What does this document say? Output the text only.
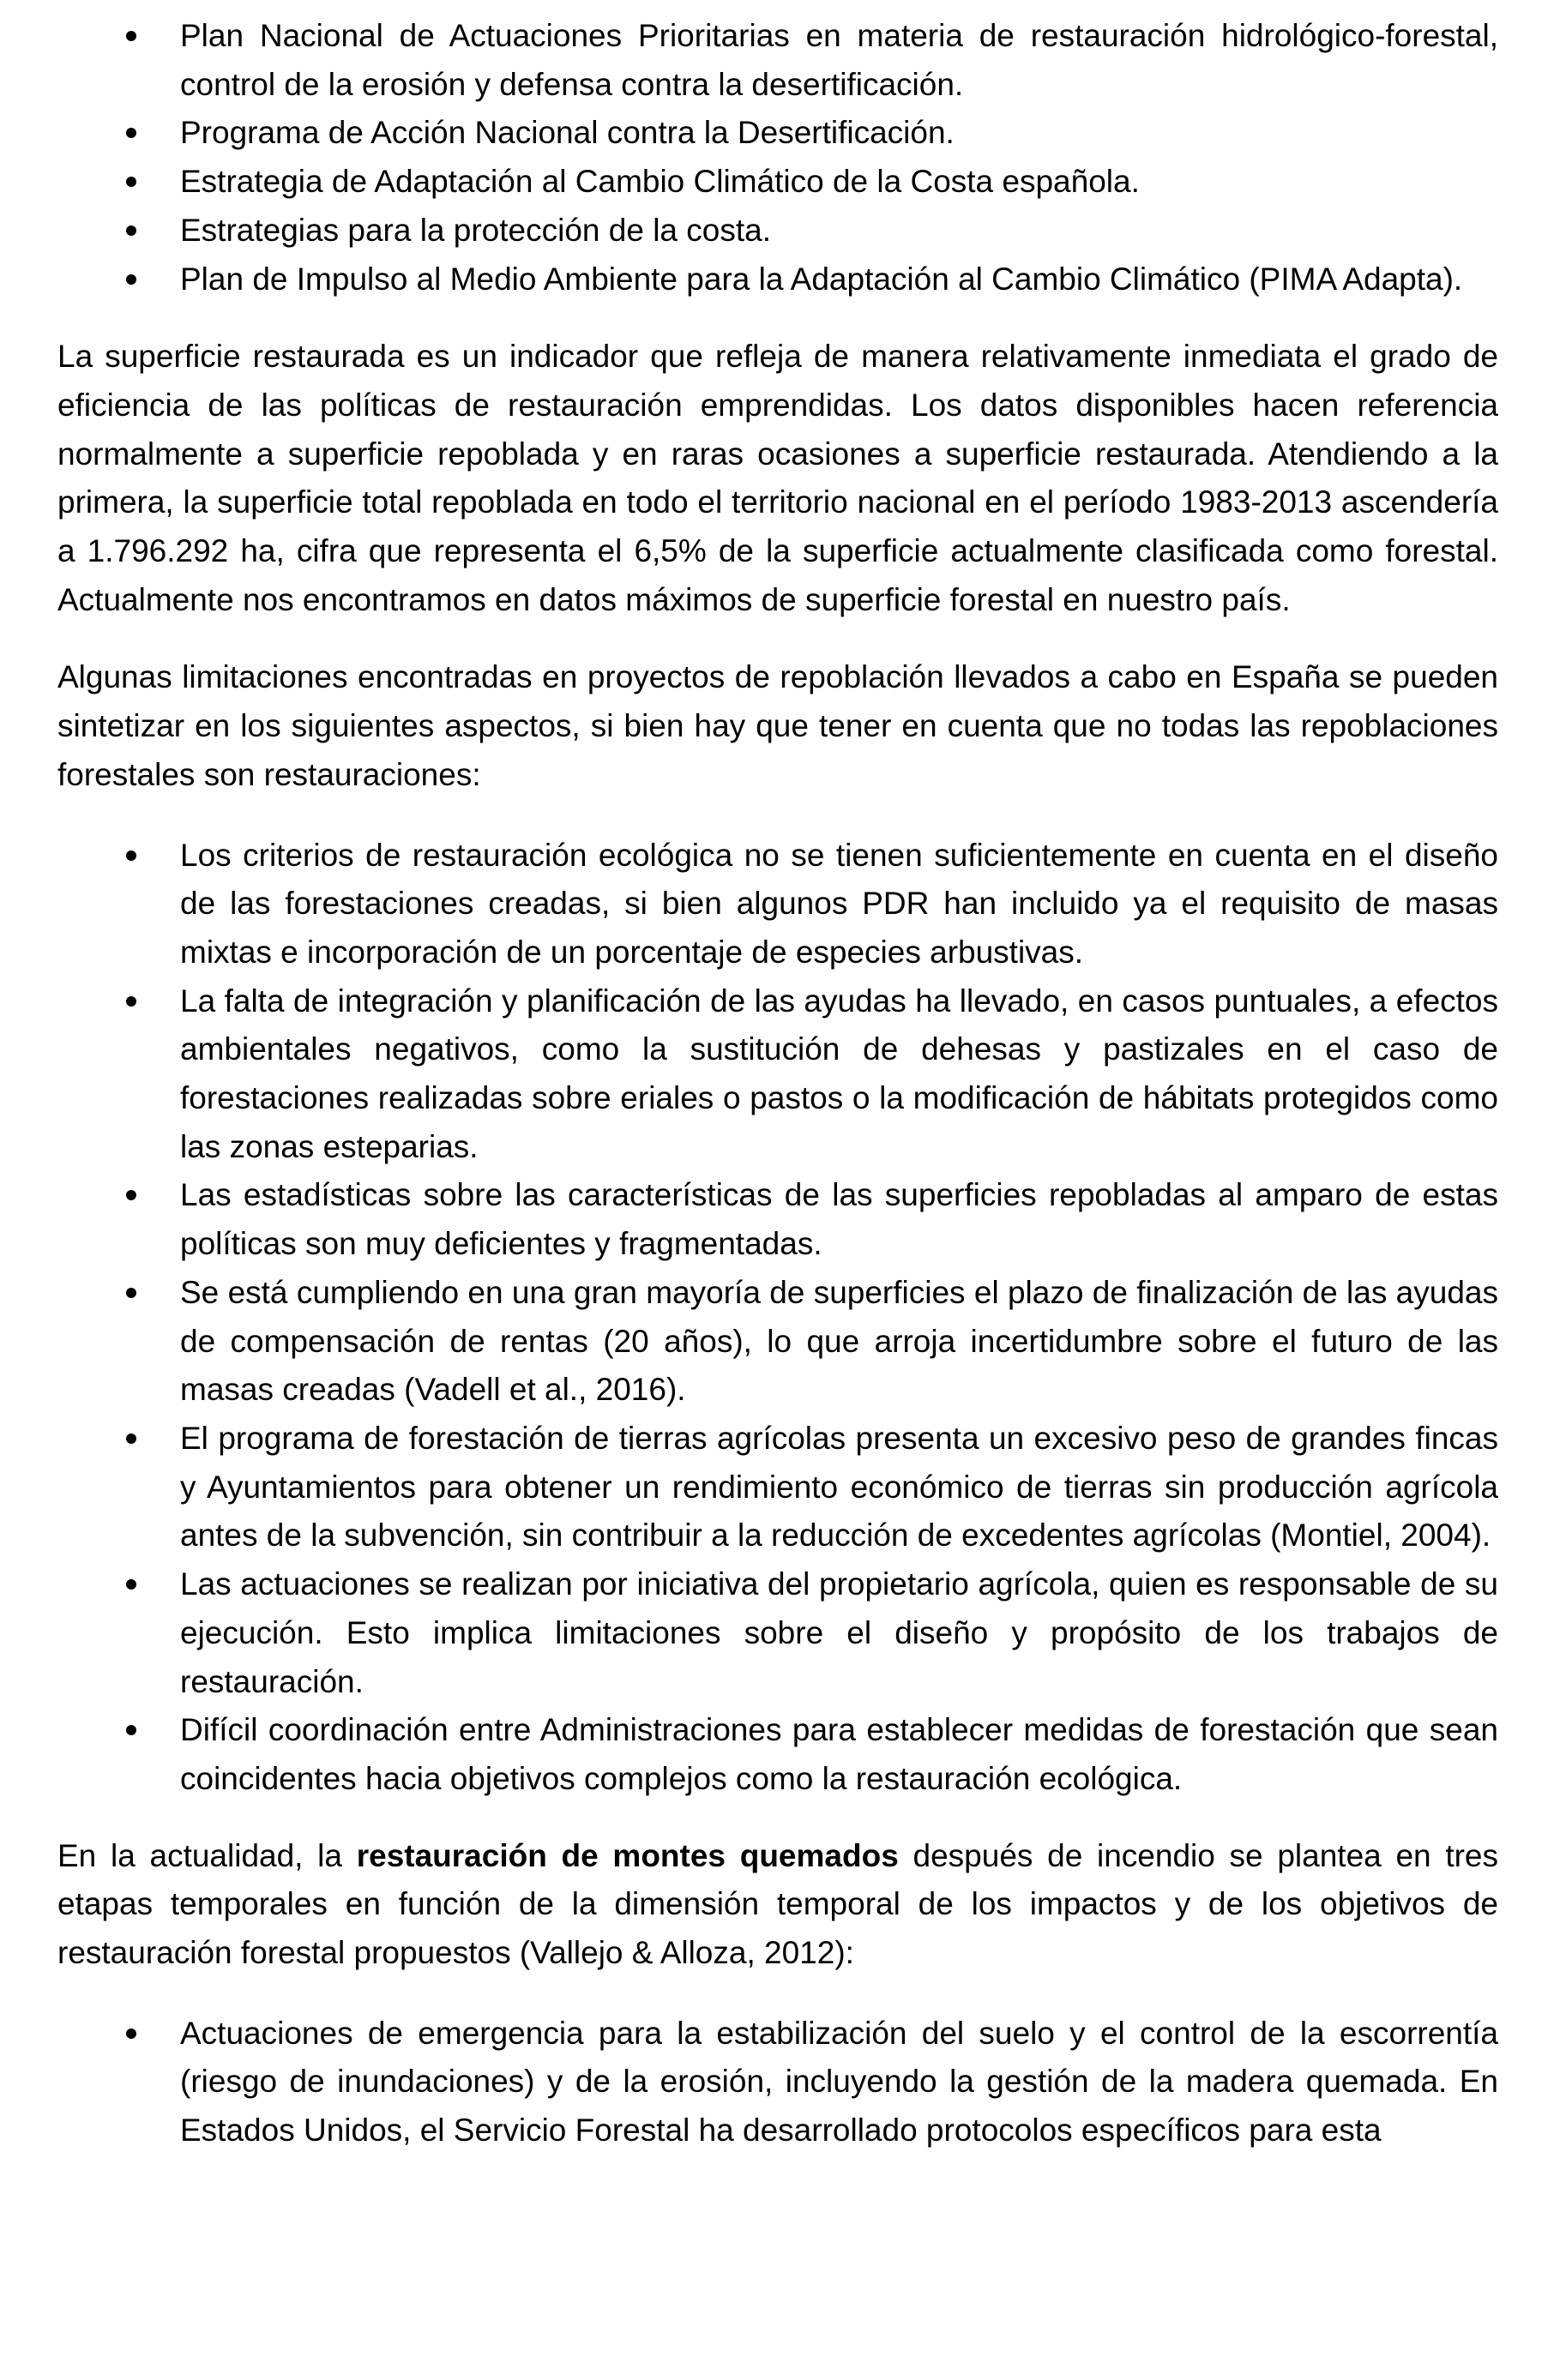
Plan Nacional de Actuaciones Prioritarias en materia de restauración hidrológico-forestal, control de la erosión y defensa contra la desertificación.
Programa de Acción Nacional contra la Desertificación.
Estrategia de Adaptación al Cambio Climático de la Costa española.
Estrategias para la protección de la costa.
Plan de Impulso al Medio Ambiente para la Adaptación al Cambio Climático (PIMA Adapta).

La superficie restaurada es un indicador que refleja de manera relativamente inmediata el grado de eficiencia de las políticas de restauración emprendidas. Los datos disponibles hacen referencia normalmente a superficie repoblada y en raras ocasiones a superficie restaurada. Atendiendo a la primera, la superficie total repoblada en todo el territorio nacional en el período 1983-2013 ascendería a 1.796.292 ha, cifra que representa el 6,5% de la superficie actualmente clasificada como forestal. Actualmente nos encontramos en datos máximos de superficie forestal en nuestro país.

Algunas limitaciones encontradas en proyectos de repoblación llevados a cabo en España se pueden sintetizar en los siguientes aspectos, si bien hay que tener en cuenta que no todas las repoblaciones forestales son restauraciones:

Los criterios de restauración ecológica no se tienen suficientemente en cuenta en el diseño de las forestaciones creadas, si bien algunos PDR han incluido ya el requisito de masas mixtas e incorporación de un porcentaje de especies arbustivas.
La falta de integración y planificación de las ayudas ha llevado, en casos puntuales, a efectos ambientales negativos, como la sustitución de dehesas y pastizales en el caso de forestaciones realizadas sobre eriales o pastos o la modificación de hábitats protegidos como las zonas esteparias.
Las estadísticas sobre las características de las superficies repobladas al amparo de estas políticas son muy deficientes y fragmentadas.
Se está cumpliendo en una gran mayoría de superficies el plazo de finalización de las ayudas de compensación de rentas (20 años), lo que arroja incertidumbre sobre el futuro de las masas creadas (Vadell et al., 2016).
El programa de forestación de tierras agrícolas presenta un excesivo peso de grandes fincas y Ayuntamientos para obtener un rendimiento económico de tierras sin producción agrícola antes de la subvención, sin contribuir a la reducción de excedentes agrícolas (Montiel, 2004).
Las actuaciones se realizan por iniciativa del propietario agrícola, quien es responsable de su ejecución. Esto implica limitaciones sobre el diseño y propósito de los trabajos de restauración.
Difícil coordinación entre Administraciones para establecer medidas de forestación que sean coincidentes hacia objetivos complejos como la restauración ecológica.

En la actualidad, la restauración de montes quemados después de incendio se plantea en tres etapas temporales en función de la dimensión temporal de los impactos y de los objetivos de restauración forestal propuestos (Vallejo & Alloza, 2012):

Actuaciones de emergencia para la estabilización del suelo y el control de la escorrentía (riesgo de inundaciones) y de la erosión, incluyendo la gestión de la madera quemada. En Estados Unidos, el Servicio Forestal ha desarrollado protocolos específicos para esta
